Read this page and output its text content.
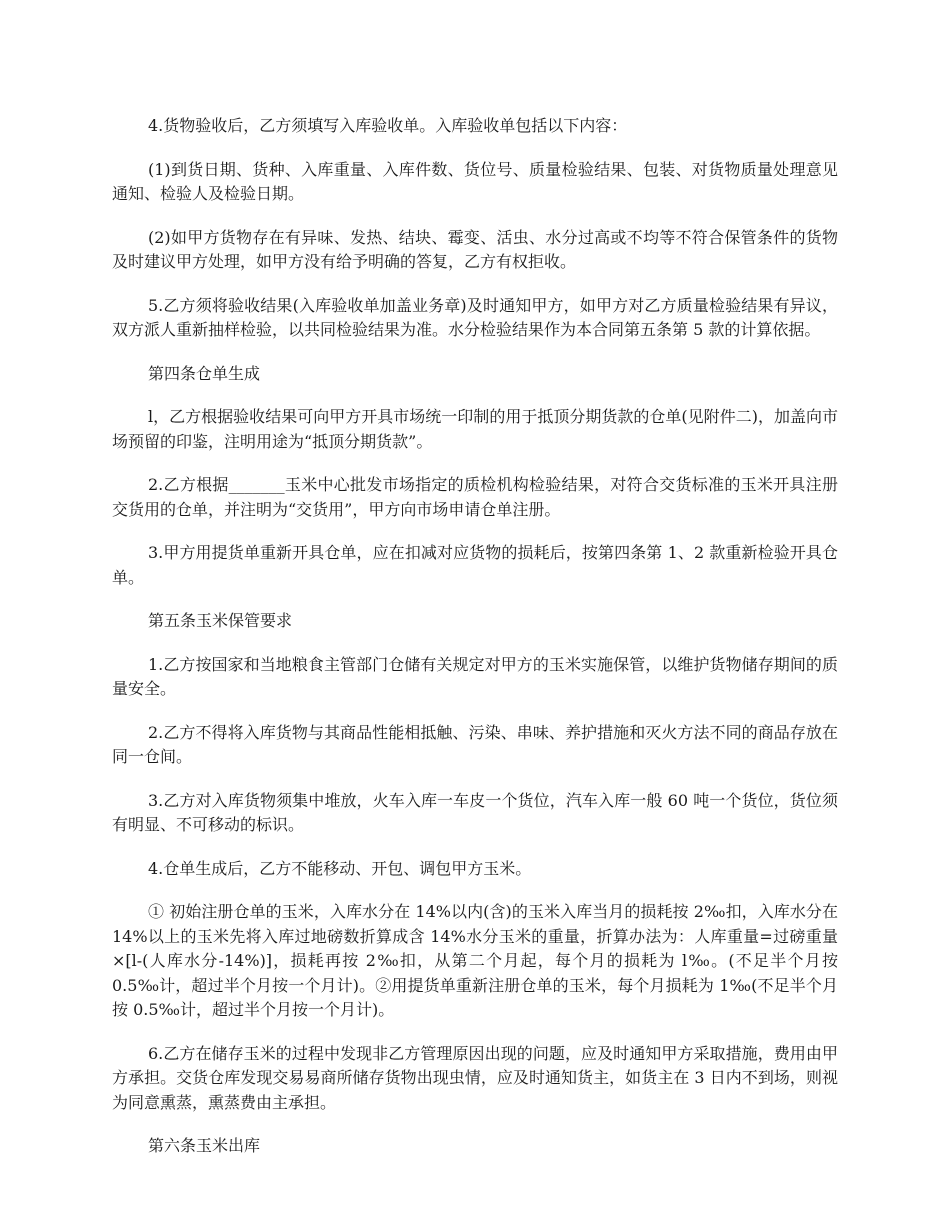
4.货物验收后，乙方须填写入库验收单。入库验收单包括以下内容：

(1)到货日期、货种、入库重量、入库件数、货位号、质量检验结果、包装、对货物质量处理意见通知、检验人及检验日期。

(2)如甲方货物存在有异味、发热、结块、霉变、活虫、水分过高或不均等不符合保管条件的货物及时建议甲方处理，如甲方没有给予明确的答复，乙方有权拒收。

5.乙方须将验收结果(入库验收单加盖业务章)及时通知甲方，如甲方对乙方质量检验结果有异议，双方派人重新抽样检验，以共同检验结果为准。水分检验结果作为本合同第五条第 5 款的计算依据。

第四条仓单生成

l，乙方根据验收结果可向甲方开具市场统一印制的用于抵顶分期货款的仓单(见附件二)，加盖向市场预留的印鉴，注明用途为“抵顶分期货款”。

2.乙方根据_______玉米中心批发市场指定的质检机构检验结果，对符合交货标准的玉米开具注册交货用的仓单，并注明为“交货用”，甲方向市场申请仓单注册。

3.甲方用提货单重新开具仓单，应在扣减对应货物的损耗后，按第四条第 1、2 款重新检验开具仓单。

第五条玉米保管要求

1.乙方按国家和当地粮食主管部门仓储有关规定对甲方的玉米实施保管，以维护货物储存期间的质量安全。

2.乙方不得将入库货物与其商品性能相抵触、污染、串味、养护措施和灭火方法不同的商品存放在同一仓间。

3.乙方对入库货物须集中堆放，火车入库一车皮一个货位，汽车入库一般 60 吨一个货位，货位须有明显、不可移动的标识。

4.仓单生成后，乙方不能移动、开包、调包甲方玉米。

① 初始注册仓单的玉米，入库水分在 14%以内(含)的玉米入库当月的损耗按 2‰扣，入库水分在 14%以上的玉米先将入库过地磅数折算成含 14%水分玉米的重量，折算办法为：人库重量=过磅重量×[l-(人库水分-14%)]，损耗再按 2‰扣，从第二个月起，每个月的损耗为 l‰。(不足半个月按 0.5‰计，超过半个月按一个月计)。②用提货单重新注册仓单的玉米，每个月损耗为 1‰(不足半个月按 0.5‰计，超过半个月按一个月计)。

6.乙方在储存玉米的过程中发现非乙方管理原因出现的问题，应及时通知甲方采取措施，费用由甲方承担。交货仓库发现交易易商所储存货物出现虫情，应及时通知货主，如货主在 3 日内不到场，则视为同意熏蒸，熏蒸费由主承担。

第六条玉米出库
